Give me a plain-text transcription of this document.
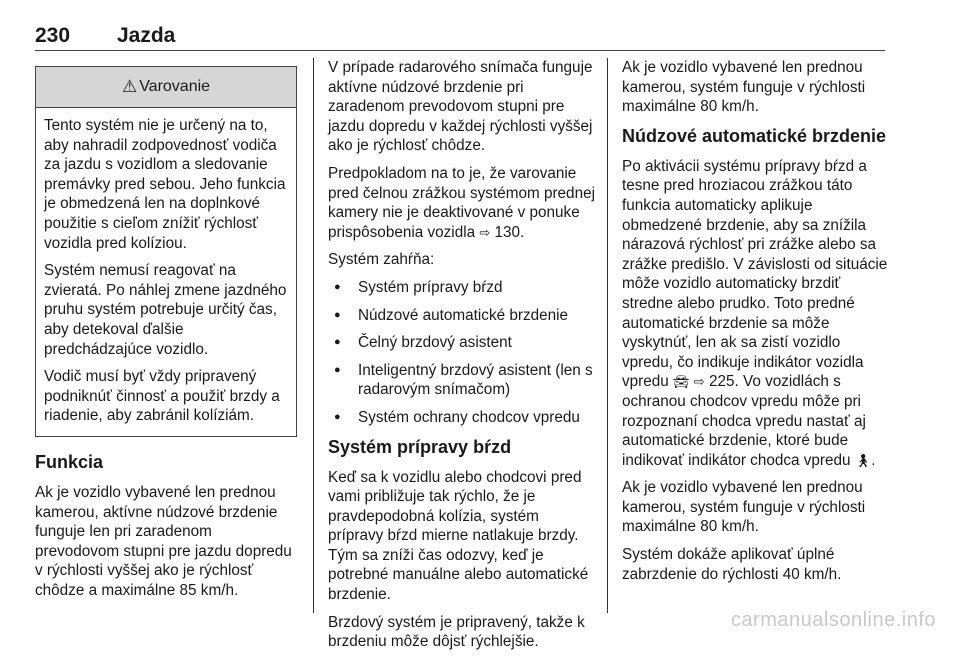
230 Jazda
⚠ Varovanie

Tento systém nie je určený na to, aby nahradil zodpovednosť vodiča za jazdu s vozidlom a sledovanie premávky pred sebou. Jeho funkcia je obmedzená len na doplnkové použitie s cieľom znížiť rýchlosť vozidla pred kolíziou.

Systém nemusí reagovať na zvieratá. Po náhlej zmene jazdného pruhu systém potrebuje určitý čas, aby detekoval ďalšie predchádzajúce vozidlo.

Vodič musí byť vždy pripravený podniknúť činnosť a použiť brzdy a riadenie, aby zabránil kolíziám.

Funkcia

Ak je vozidlo vybavené len prednou kamerou, aktívne núdzové brzdenie funguje len pri zaradenom prevodovom stupni pre jazdu dopredu v rýchlosti vyššej ako je rýchlosť chôdze a maximálne 85 km/h.

V prípade radarového snímača funguje aktívne núdzové brzdenie pri zaradenom prevodovom stupni pre jazdu dopredu v každej rýchlosti vyššej ako je rýchlosť chôdze.

Predpokladom na to je, že varovanie pred čelnou zrážkou systémom prednej kamery nie je deaktivované v ponuke prispôsobenia vozidla ⇨ 130.

Systém zahŕňa:

● Systém prípravy bŕzd
● Núdzové automatické brzdenie
● Čelný brzdový asistent
● Inteligentný brzdový asistent (len s radarovým snímačom)
● Systém ochrany chodcov vpredu
Systém prípravy bŕzd

Keď sa k vozidlu alebo chodcovi pred vami približuje tak rýchlo, že je pravdepodobná kolízia, systém prípravy bŕzd mierne natlakuje brzdy. Tým sa zníži čas odozvy, keď je potrebné manuálne alebo automatické brzdenie.

Brzdový systém je pripravený, takže k brzdeniu môže dôjsť rýchlejšie.

Ak je vozidlo vybavené len prednou kamerou, systém funguje v rýchlosti maximálne 80 km/h.

Núdzové automatické brzdenie

Po aktivácii systému prípravy bŕzd a tesne pred hroziacou zrážkou táto funkcia automaticky aplikuje obmedzené brzdenie, aby sa znížila nárazová rýchlosť pri zrážke alebo sa zrážke predišlo. V závislosti od situácie môže vozidlo automaticky brzdiť stredne alebo prudko. Toto predné automatické brzdenie sa môže vyskytnúť, len ak sa zistí vozidlo vpredu, čo indikuje indikátor vozidla vpredu 🚘︎ ⇨ 225. Vo vozidlách s ochranou chodcov vpredu môže pri rozpoznaní chodca vpredu nastať aj automatické brzdenie, ktoré bude indikovať indikátor chodca vpredu 🚶︎.

Ak je vozidlo vybavené len prednou kamerou, systém funguje v rýchlosti maximálne 80 km/h.

Systém dokáže aplikovať úplné zabrzdenie do rýchlosti 40 km/h.

carmanualsonline.info
